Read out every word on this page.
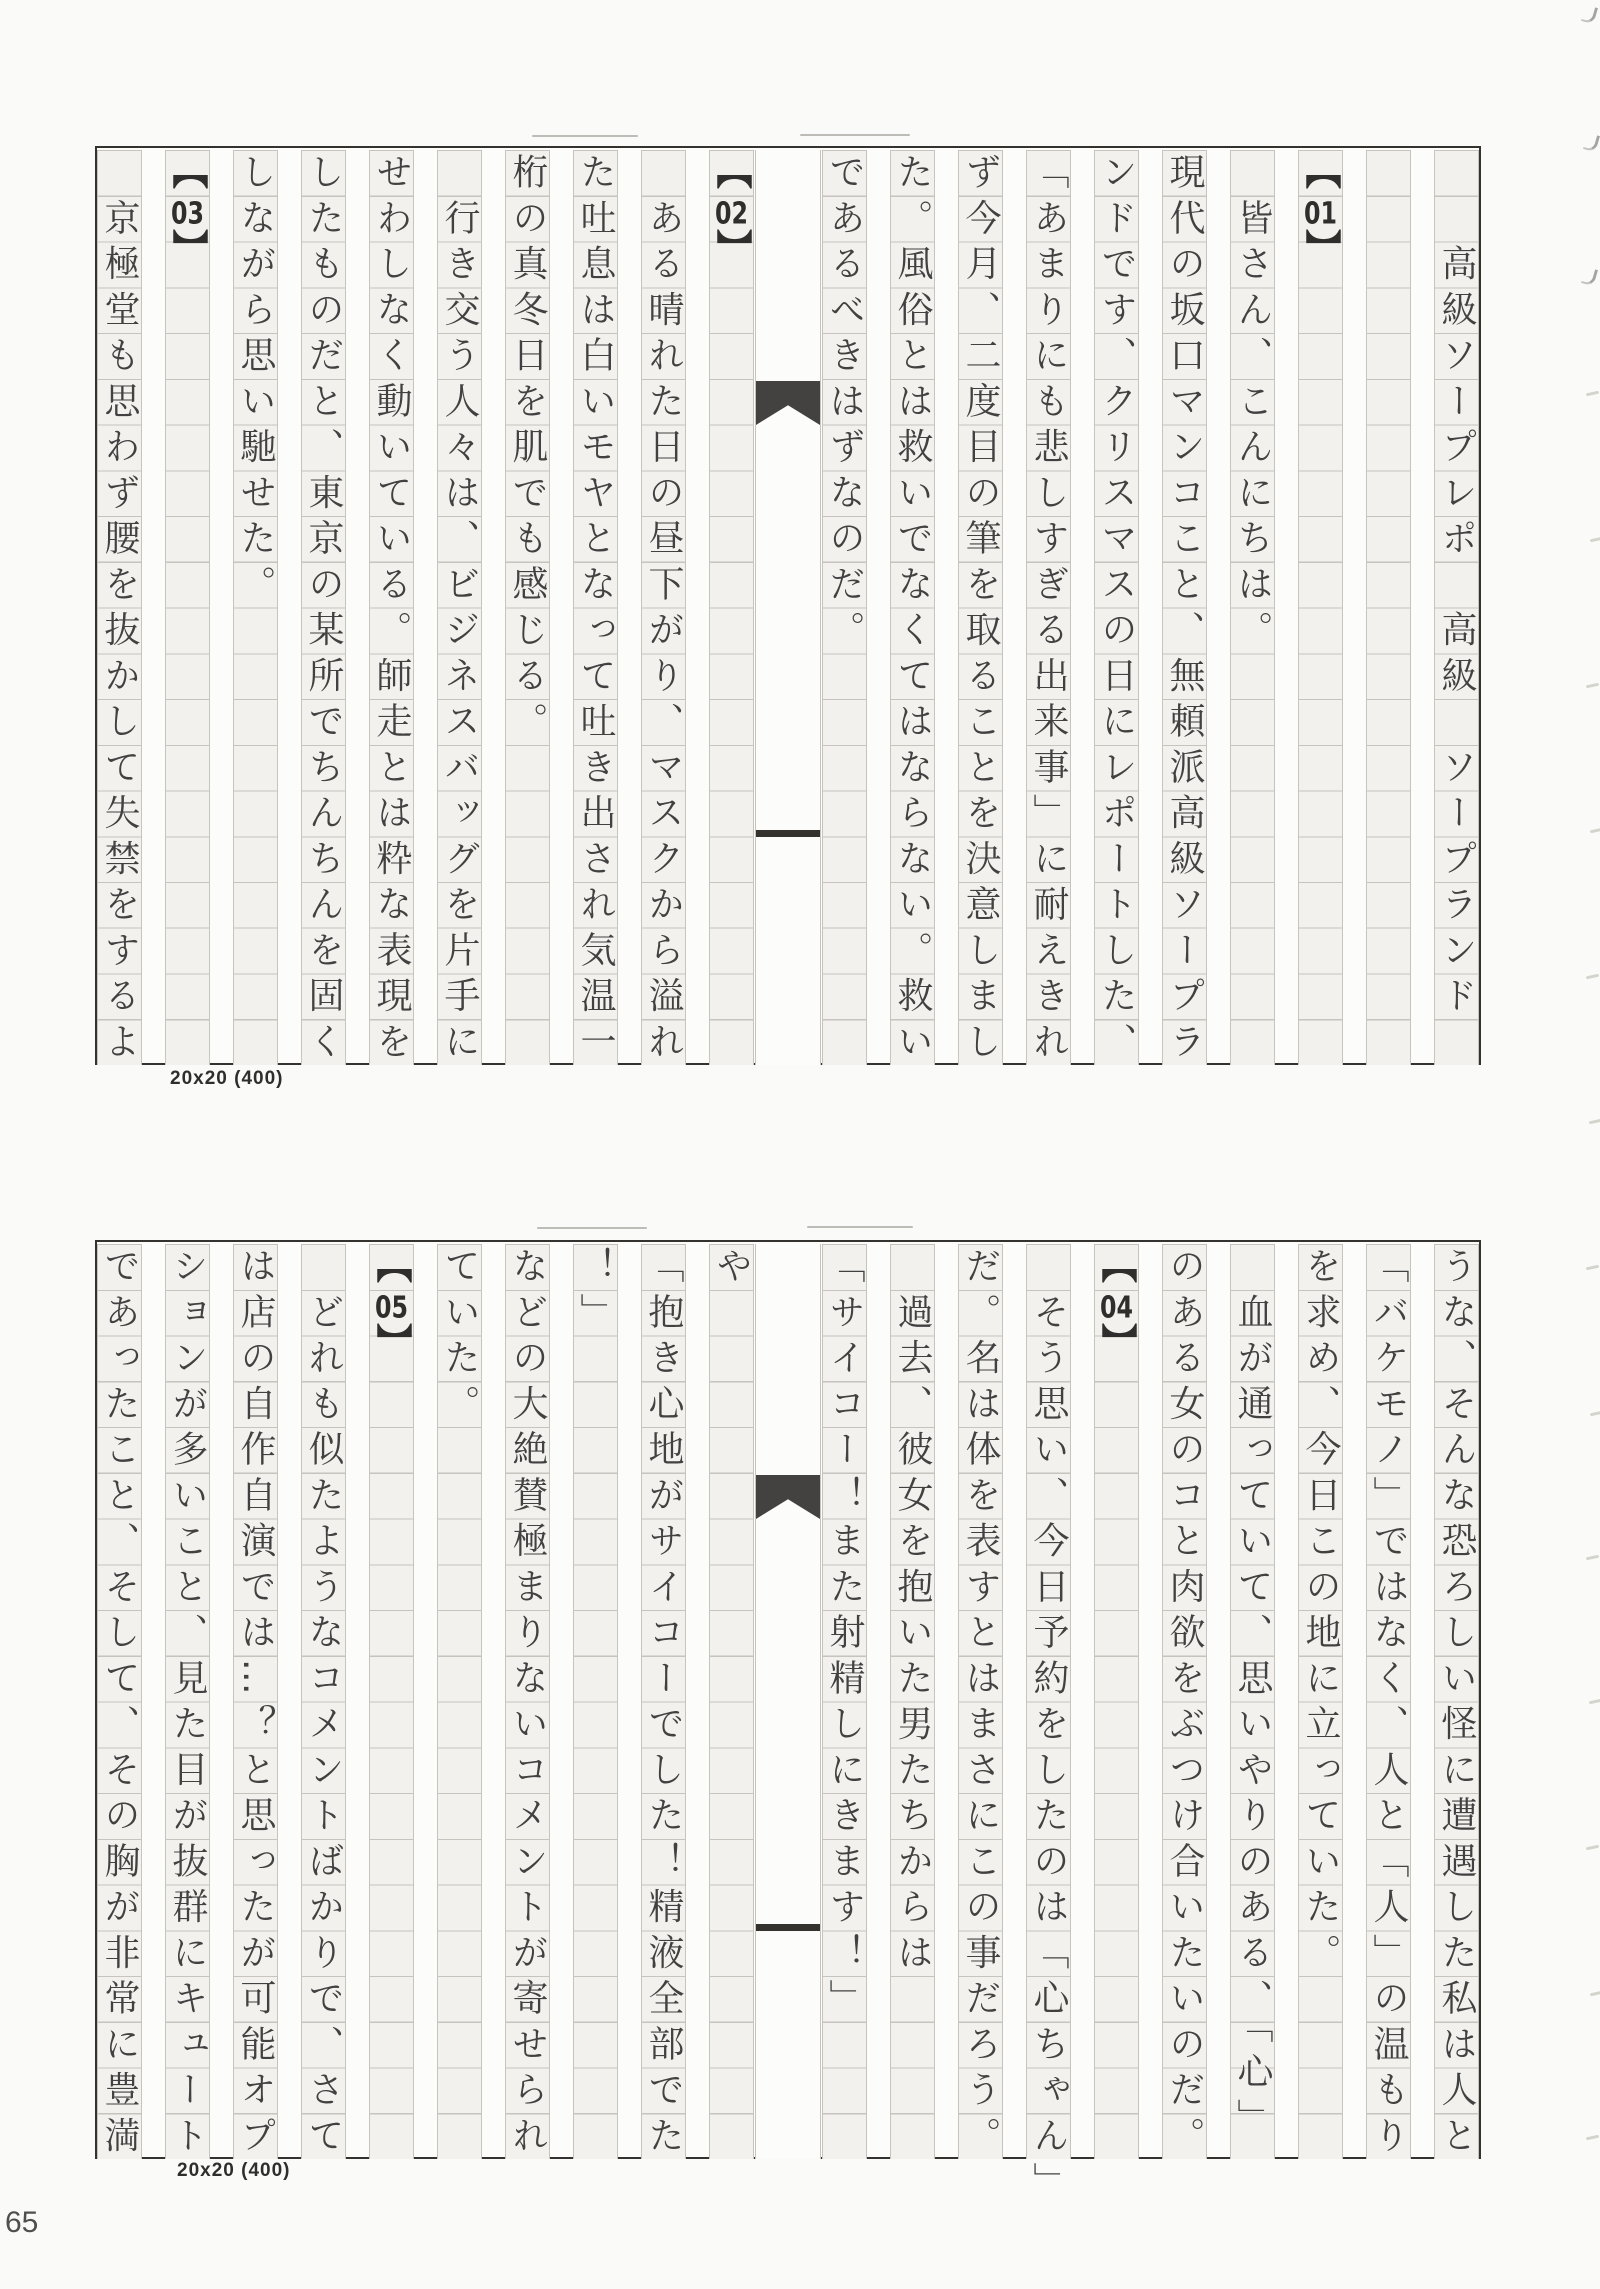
　　高級ソープレポ　高級　ソープランド
【01】
　皆さん、こんにちは。
現代の坂口マンコこと、無頼派高級ソープラ
ンドです、クリスマスの日にレポートした、
「あまりにも悲しすぎる出来事」に耐えきれ
ず今月、二度目の筆を取ることを決意しまし
た。風俗とは救いでなくてはならない。救い
であるべきはずなのだ。
【02】
　ある晴れた日の昼下がり、マスクから溢れ
た吐息は白いモヤとなって吐き出され気温一
桁の真冬日を肌でも感じる。
　行き交う人々は、ビジネスバッグを片手に
せわしなく動いている。師走とは粋な表現を
したものだと、東京の某所でちんちんを固く
しながら思い馳せた。
【03】
　京極堂も思わず腰を抜かして失禁をするよ
20x20 (400)
うな、そんな恐ろしい怪に遭遇した私は人と
「バケモノ」ではなく、人と「人」の温もり
を求め、今日この地に立っていた。
　血が通っていて、思いやりのある、「心」
のある女のコと肉欲をぶつけ合いたいのだ。
【04】
　そう思い、今日予約をしたのは「心ちゃん」
だ。名は体を表すとはまさにこの事だろう。
　過去、彼女を抱いた男たちからは
「サイコー！また射精しにきます！」
や
「抱き心地がサイコーでした！精液全部でた
！」
などの大絶賛極まりないコメントが寄せられ
ていた。
【05】
　どれも似たようなコメントばかりで、さて
は店の自作自演では…？と思ったが可能オプ
ションが多いこと、見た目が抜群にキュート
であったこと、そして、その胸が非常に豊満
20x20 (400)
65
